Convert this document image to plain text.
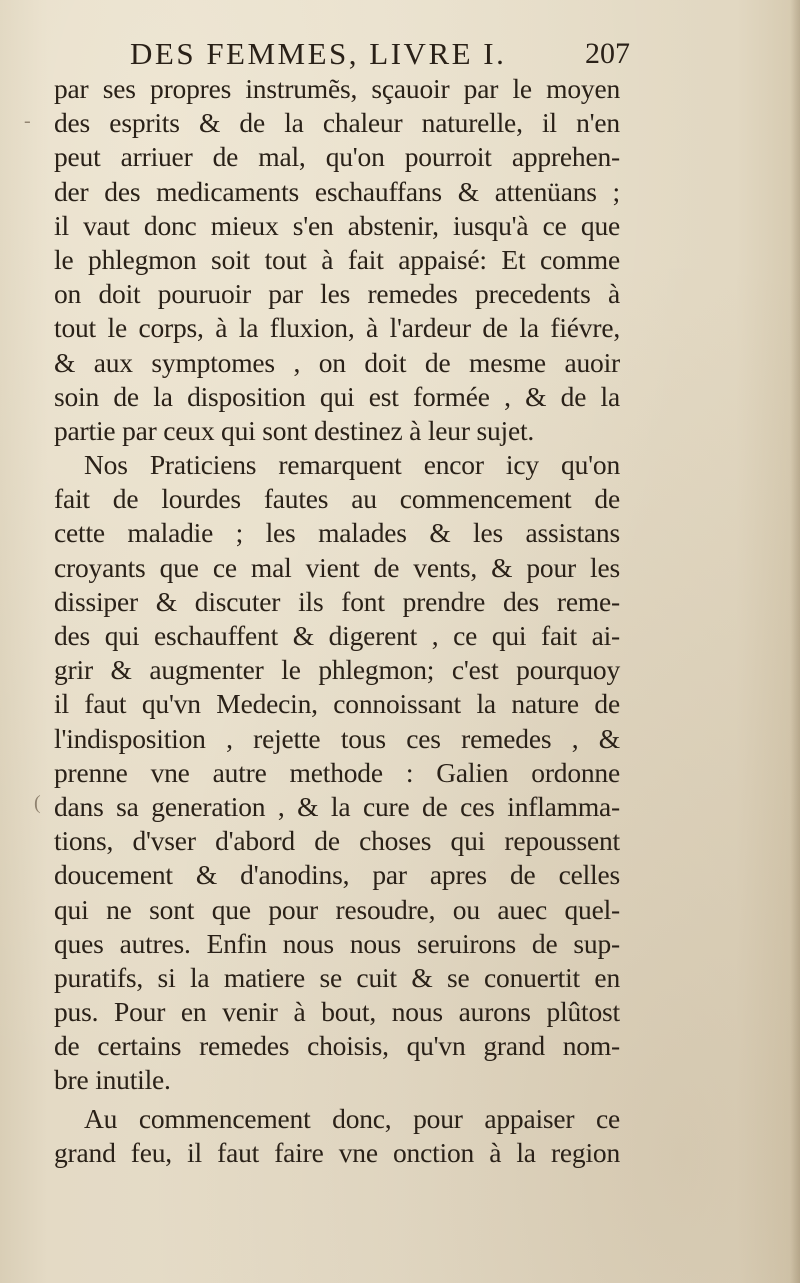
DES FEMMES, LIVRE I.	207
-
(
par ses propres instrumẽs, sçauoir par le moyen
des esprits & de la chaleur naturelle, il n'en
peut arriuer de mal, qu'on pourroit apprehen-
der des medicaments eschauffans & attenüans ;
il vaut donc mieux s'en abstenir, iusqu'à ce que
le phlegmon soit tout à fait appaisé: Et comme
on doit pouruoir par les remedes precedents à
tout le corps, à la fluxion, à l'ardeur de la fiévre,
& aux symptomes , on doit de mesme auoir
soin de la disposition qui est formée , & de la
partie par ceux qui sont destinez à leur sujet.
Nos Praticiens remarquent encor icy qu'on
fait de lourdes fautes au commencement de
cette maladie ; les malades & les assistans
croyants que ce mal vient de vents, & pour les
dissiper & discuter ils font prendre des reme-
des qui eschauffent & digerent , ce qui fait ai-
grir & augmenter le phlegmon; c'est pourquoy
il faut qu'vn Medecin, connoissant la nature de
l'indisposition , rejette tous ces remedes , &
prenne vne autre methode : Galien ordonne
dans sa generation , & la cure de ces inflamma-
tions, d'vser d'abord de choses qui repoussent
doucement & d'anodins, par apres de celles
qui ne sont que pour resoudre, ou auec quel-
ques autres. Enfin nous nous seruirons de sup-
puratifs, si la matiere se cuit & se conuertit en
pus. Pour en venir à bout, nous aurons plûtost
de certains remedes choisis, qu'vn grand nom-
bre inutile.
Au commencement donc, pour appaiser ce
grand feu, il faut faire vne onction à la region
